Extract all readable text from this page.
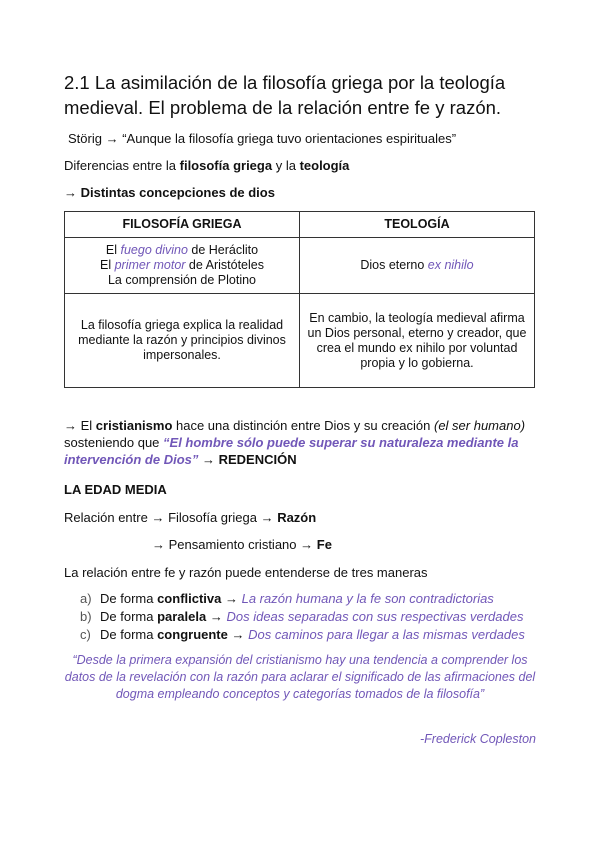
2.1 La asimilación de la filosofía griega por la teología medieval. El problema de la relación entre fe y razón.
Störig → “Aunque la filosofía griega tuvo orientaciones espirituales”
Diferencias entre la filosofía griega y la teología
→ Distintas concepciones de dios
FILOSOFÍA GRIEGA	TEOLOGÍA

El fuego divino de Heráclito
El primer motor de Aristóteles
La comprensión de Plotino	Dios eterno ex nihilo
La filosofía griega explica la realidad mediante la razón y principios divinos impersonales.	En cambio, la teología medieval afirma un Dios personal, eterno y creador, que crea el mundo ex nihilo por voluntad propia y lo gobierna.
→ El cristianismo hace una distinción entre Dios y su creación (el ser humano) sosteniendo que “El hombre sólo puede superar su naturaleza mediante la intervención de Dios” → REDENCIÓN
LA EDAD MEDIA
Relación entre → Filosofía griega → Razón
→ Pensamiento cristiano → Fe
La relación entre fe y razón puede entenderse de tres maneras
a) De forma conflictiva → La razón humana y la fe son contradictorias
b) De forma paralela → Dos ideas separadas con sus respectivas verdades
c) De forma congruente → Dos caminos para llegar a las mismas verdades
“Desde la primera expansión del cristianismo hay una tendencia a comprender los datos de la revelación con la razón para aclarar el significado de las afirmaciones del dogma empleando conceptos y categorías tomados de la filosofía”
-Frederick Copleston
